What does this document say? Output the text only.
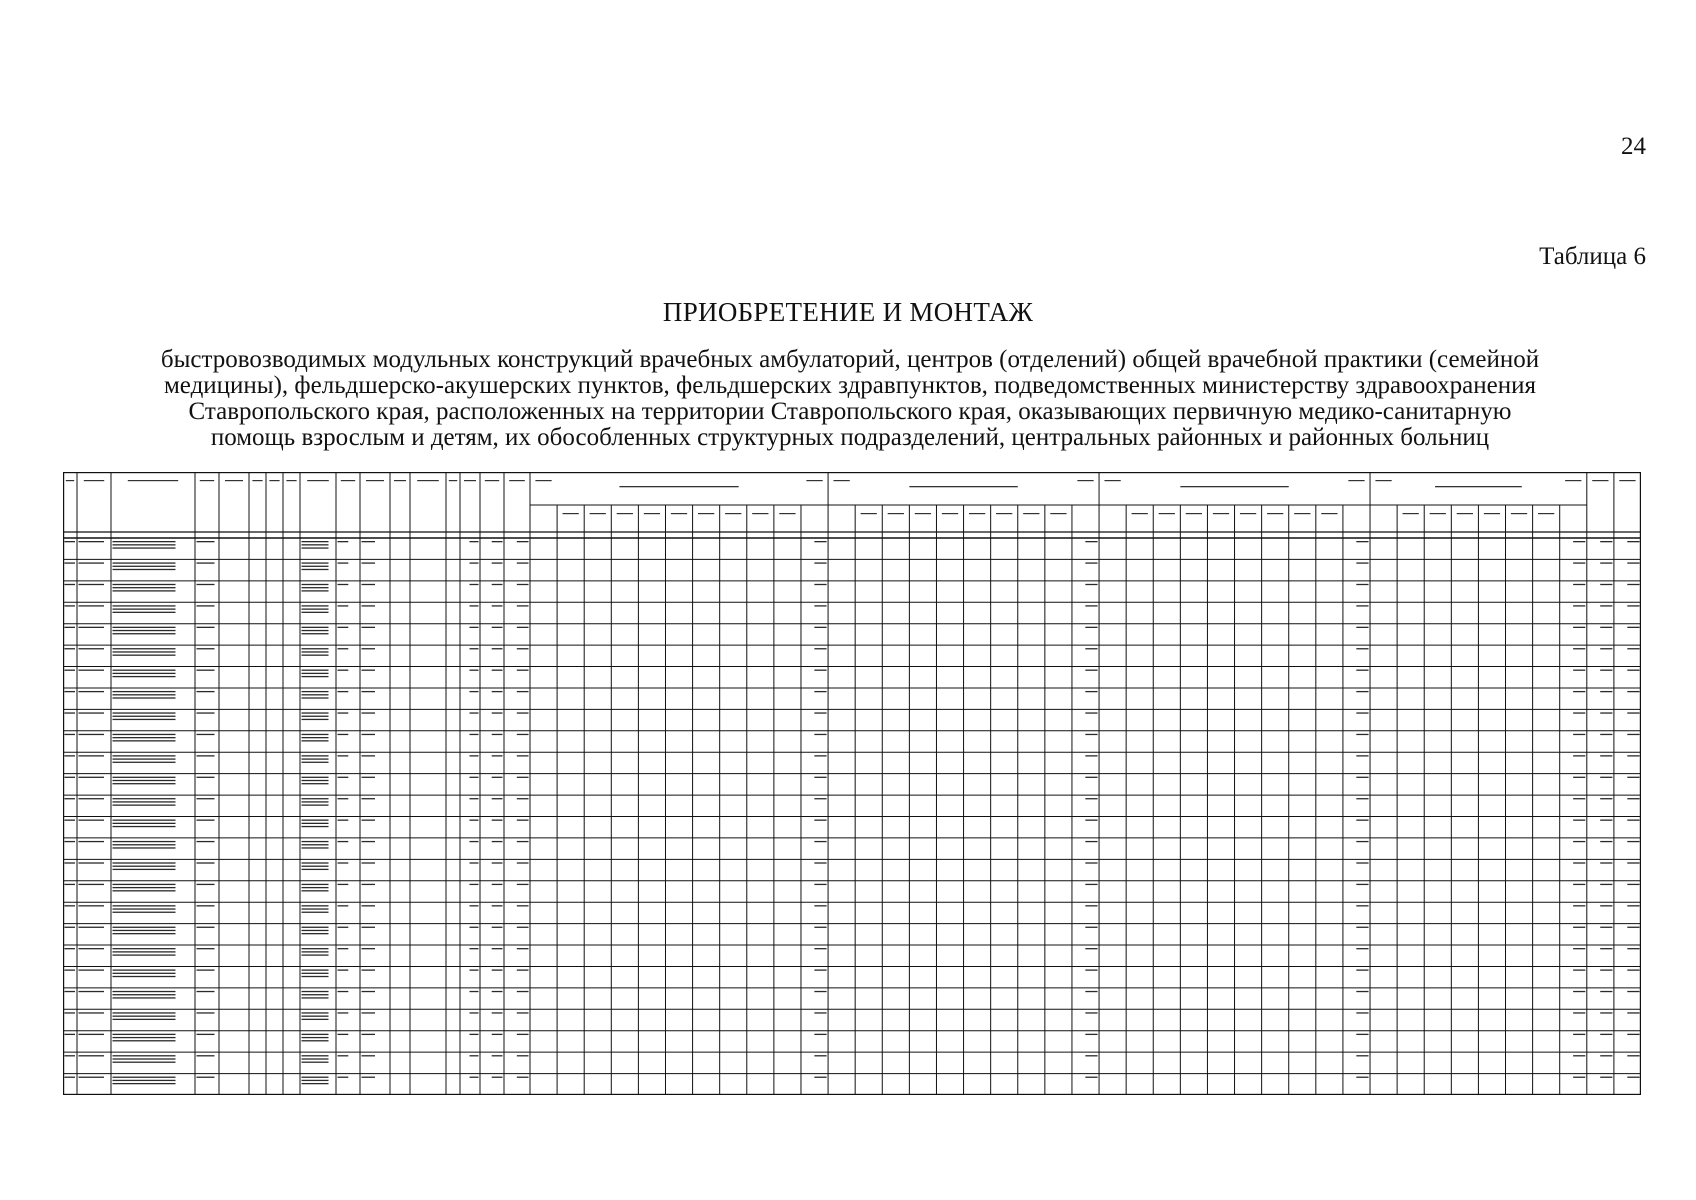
24
Таблица 6
ПРИОБРЕТЕНИЕ И МОНТАЖ
быстровозводимых модульных конструкций врачебных амбулаторий, центров (отделений) общей врачебной практики (семейной
медицины), фельдшерско-акушерских пунктов, фельдшерских здравпунктов, подведомственных министерству здравоохранения
Ставропольского края, расположенных на территории Ставропольского края, оказывающих первичную медико-санитарную
помощь взрослым и детям, их обособленных структурных подразделений, центральных районных и районных больниц
